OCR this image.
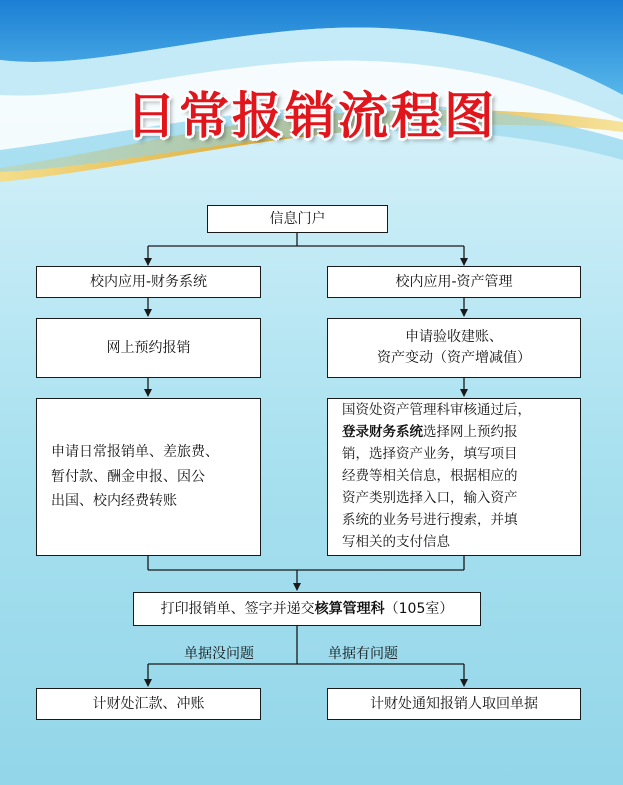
日常报销流程图
信息门户
校内应用-财务系统	校内应用-资产管理
网上预约报销
申请验收建账、
资产变动（资产增减值）
申请日常报销单、差旅费、
暂付款、酬金申报、因公
出国、校内经费转账
国资处资产管理科审核通过后，
登录财务系统选择网上预约报
销，选择资产业务，填写项目
经费等相关信息，根据相应的
资产类别选择入口，输入资产
系统的业务号进行搜索，并填
写相关的支付信息
打印报销单、签字并递交核算管理科（105室）
单据没问题	单据有问题
计财处汇款、冲账	计财处通知报销人取回单据
